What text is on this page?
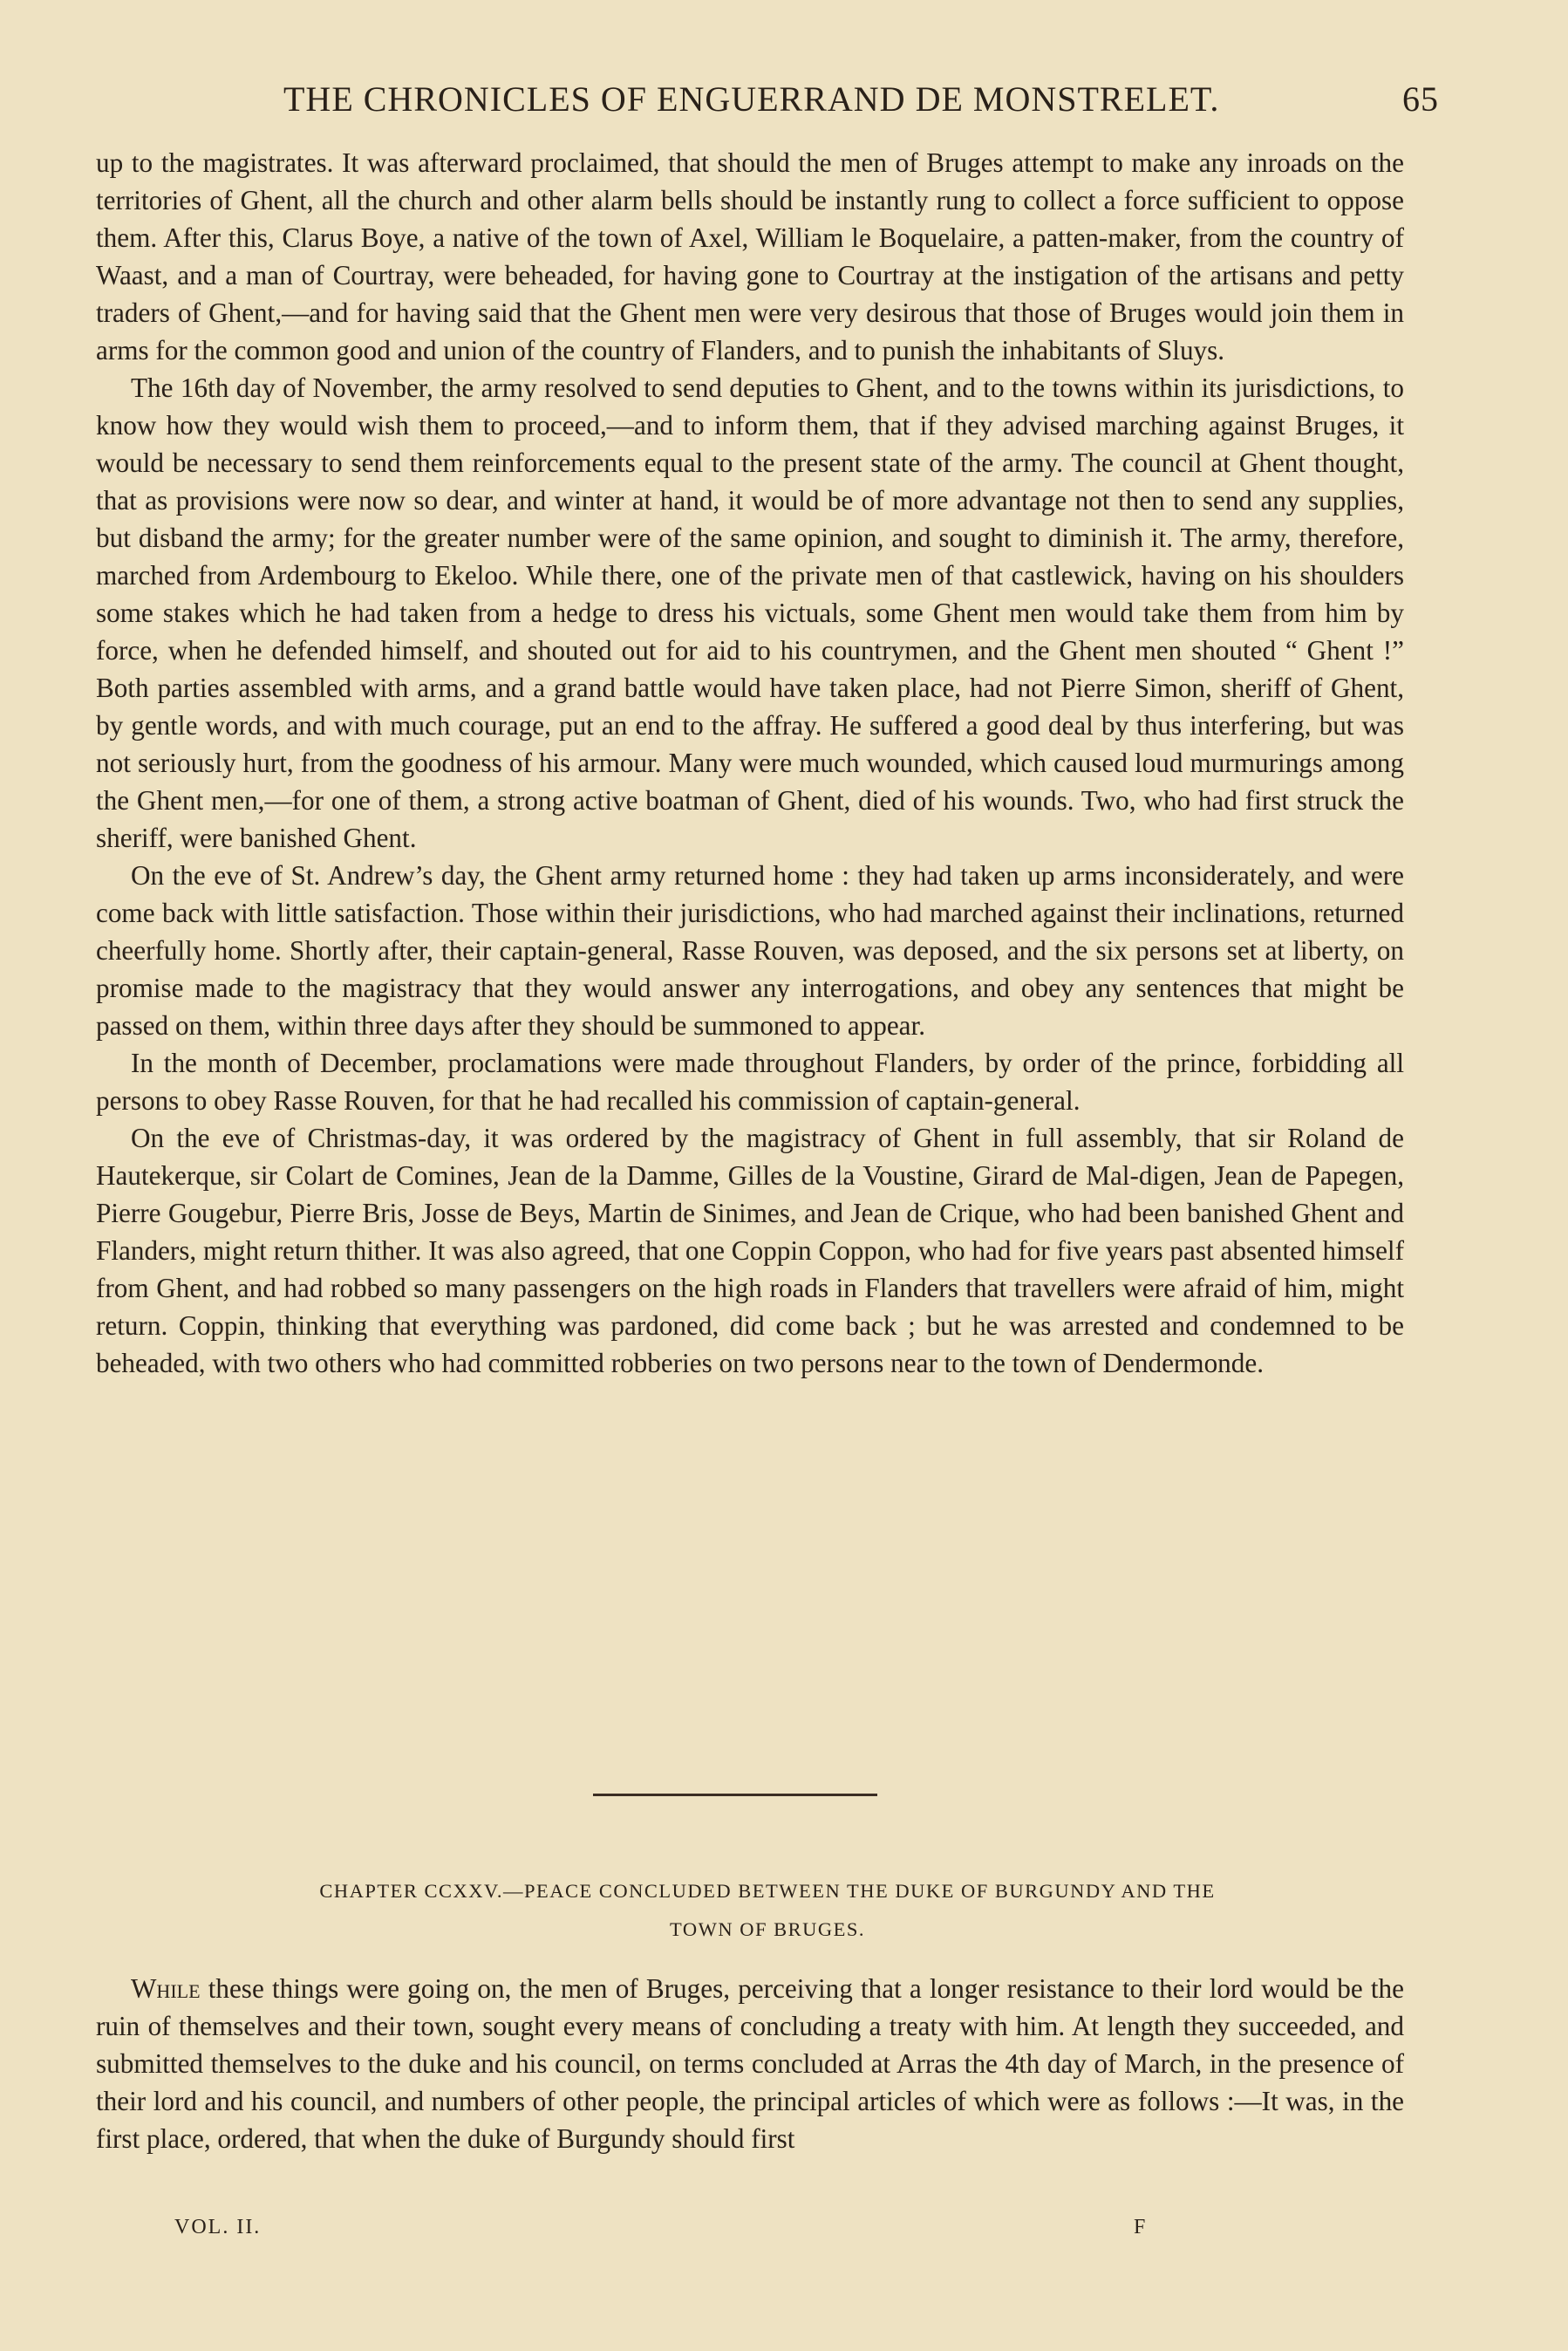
THE CHRONICLES OF ENGUERRAND DE MONSTRELET.	65

up to the magistrates. It was afterward proclaimed, that should the men of Bruges attempt to make any inroads on the territories of Ghent, all the church and other alarm bells should be instantly rung to collect a force sufficient to oppose them. After this, Clarus Boye, a native of the town of Axel, William le Boquelaire, a patten-maker, from the country of Waast, and a man of Courtray, were beheaded, for having gone to Courtray at the instigation of the artisans and petty traders of Ghent,—and for having said that the Ghent men were very desirous that those of Bruges would join them in arms for the common good and union of the country of Flanders, and to punish the inhabitants of Sluys.

The 16th day of November, the army resolved to send deputies to Ghent, and to the towns within its jurisdictions, to know how they would wish them to proceed,—and to inform them, that if they advised marching against Bruges, it would be necessary to send them reinforcements equal to the present state of the army. The council at Ghent thought, that as provisions were now so dear, and winter at hand, it would be of more advantage not then to send any supplies, but disband the army; for the greater number were of the same opinion, and sought to diminish it. The army, therefore, marched from Ardembourg to Ekeloo. While there, one of the private men of that castlewick, having on his shoulders some stakes which he had taken from a hedge to dress his victuals, some Ghent men would take them from him by force, when he defended himself, and shouted out for aid to his countrymen, and the Ghent men shouted “ Ghent !” Both parties assembled with arms, and a grand battle would have taken place, had not Pierre Simon, sheriff of Ghent, by gentle words, and with much courage, put an end to the affray. He suffered a good deal by thus interfering, but was not seriously hurt, from the goodness of his armour. Many were much wounded, which caused loud murmurings among the Ghent men,—for one of them, a strong active boatman of Ghent, died of his wounds. Two, who had first struck the sheriff, were banished Ghent.

On the eve of St. Andrew’s day, the Ghent army returned home : they had taken up arms inconsiderately, and were come back with little satisfaction. Those within their jurisdictions, who had marched against their inclinations, returned cheerfully home. Shortly after, their captain-general, Rasse Rouven, was deposed, and the six persons set at liberty, on promise made to the magistracy that they would answer any interrogations, and obey any sentences that might be passed on them, within three days after they should be summoned to appear.

In the month of December, proclamations were made throughout Flanders, by order of the prince, forbidding all persons to obey Rasse Rouven, for that he had recalled his commission of captain-general.

On the eve of Christmas-day, it was ordered by the magistracy of Ghent in full assembly, that sir Roland de Hautekerque, sir Colart de Comines, Jean de la Damme, Gilles de la Voustine, Girard de Mal-digen, Jean de Papegen, Pierre Gougebur, Pierre Bris, Josse de Beys, Martin de Sinimes, and Jean de Crique, who had been banished Ghent and Flanders, might return thither. It was also agreed, that one Coppin Coppon, who had for five years past absented himself from Ghent, and had robbed so many passengers on the high roads in Flanders that travellers were afraid of him, might return. Coppin, thinking that everything was pardoned, did come back ; but he was arrested and condemned to be beheaded, with two others who had committed robberies on two persons near to the town of Dendermonde.

CHAPTER CCXXV.—PEACE CONCLUDED BETWEEN THE DUKE OF BURGUNDY AND THE
TOWN OF BRUGES.

While these things were going on, the men of Bruges, perceiving that a longer resistance to their lord would be the ruin of themselves and their town, sought every means of concluding a treaty with him. At length they succeeded, and submitted themselves to the duke and his council, on terms concluded at Arras the 4th day of March, in the presence of their lord and his council, and numbers of other people, the principal articles of which were as follows :—It was, in the first place, ordered, that when the duke of Burgundy should first

VOL. II.	F
